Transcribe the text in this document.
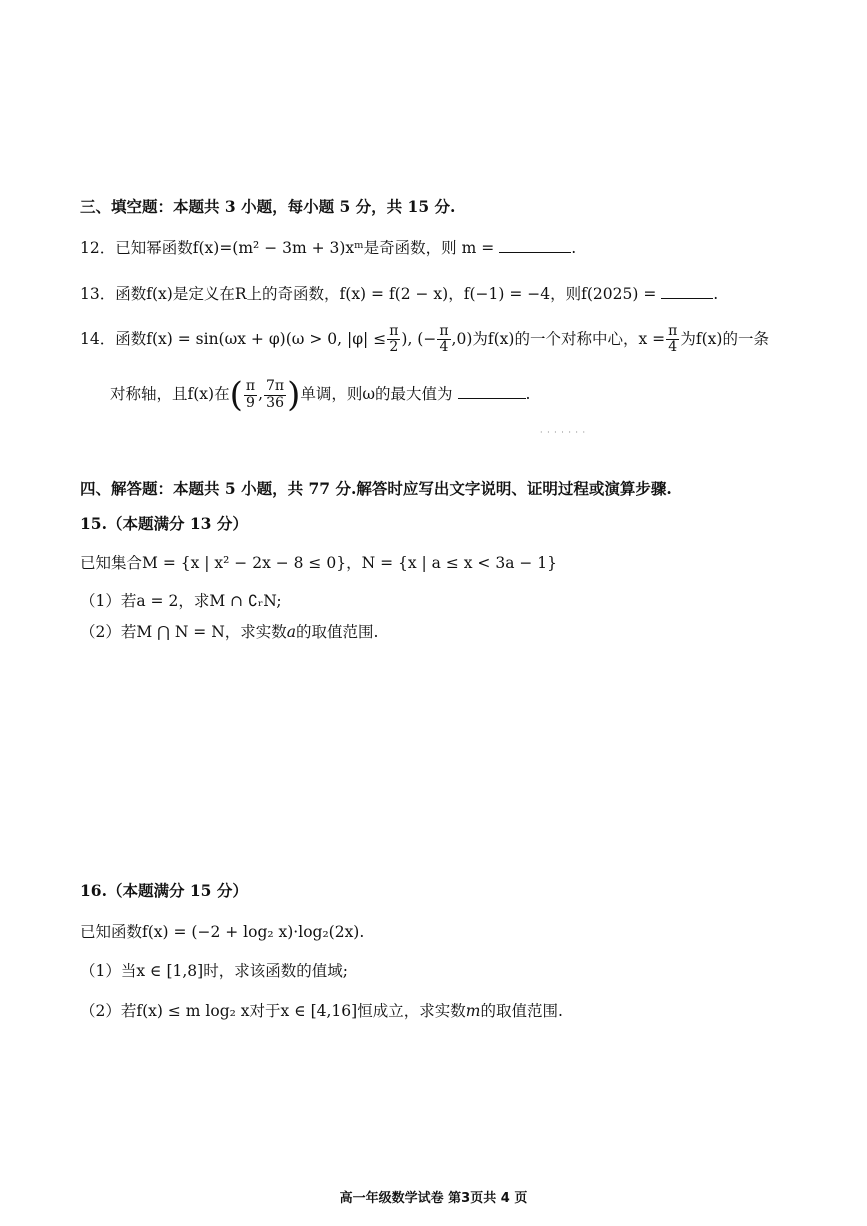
三、填空题：本题共 3 小题，每小题 5 分，共 15 分.
12．已知幂函数f(x)=(m² − 3m + 3)xᵐ是奇函数，则 m =	.
13．函数f(x)是定义在R上的奇函数，f(x) = f(2 − x)，f(−1) = −4，则f(2025) =	.
14．函数f(x) = sin(ωx + φ)(ω > 0, $|\varphi| \le \frac{\pi}{2}$ ), (− $\frac{\pi}{4} ,0$)为f(x)的一个对称中心，$x = \frac{\pi}{4}$ 为f(x)的一条
对称轴，且f(x)在( $\frac{\pi}{9}$ , $\frac{7\pi}{36}$ )单调，则ω的最大值为	.
· · · · · · ·
四、解答题：本题共 5 小题，共 77 分.解答时应写出文字说明、证明过程或演算步骤.
15.（本题满分 13 分）
已知集合M = {x | x² − 2x − 8 ≤ 0}，N = {x | a ≤ x < 3a − 1}
（1）若a = 2，求M ∩ ∁ᵣN;
（2）若M ⋂ N = N，求实数a的取值范围.
16.（本题满分 15 分）
已知函数f(x) = (−2 + log₂ x)·log₂(2x).
（1）当x ∈ [1,8]时，求该函数的值域;
（2）若f(x) ≤ m log₂ x对于x ∈ [4,16]恒成立，求实数m的取值范围.
高一年级数学试卷 第3页共 4 页
